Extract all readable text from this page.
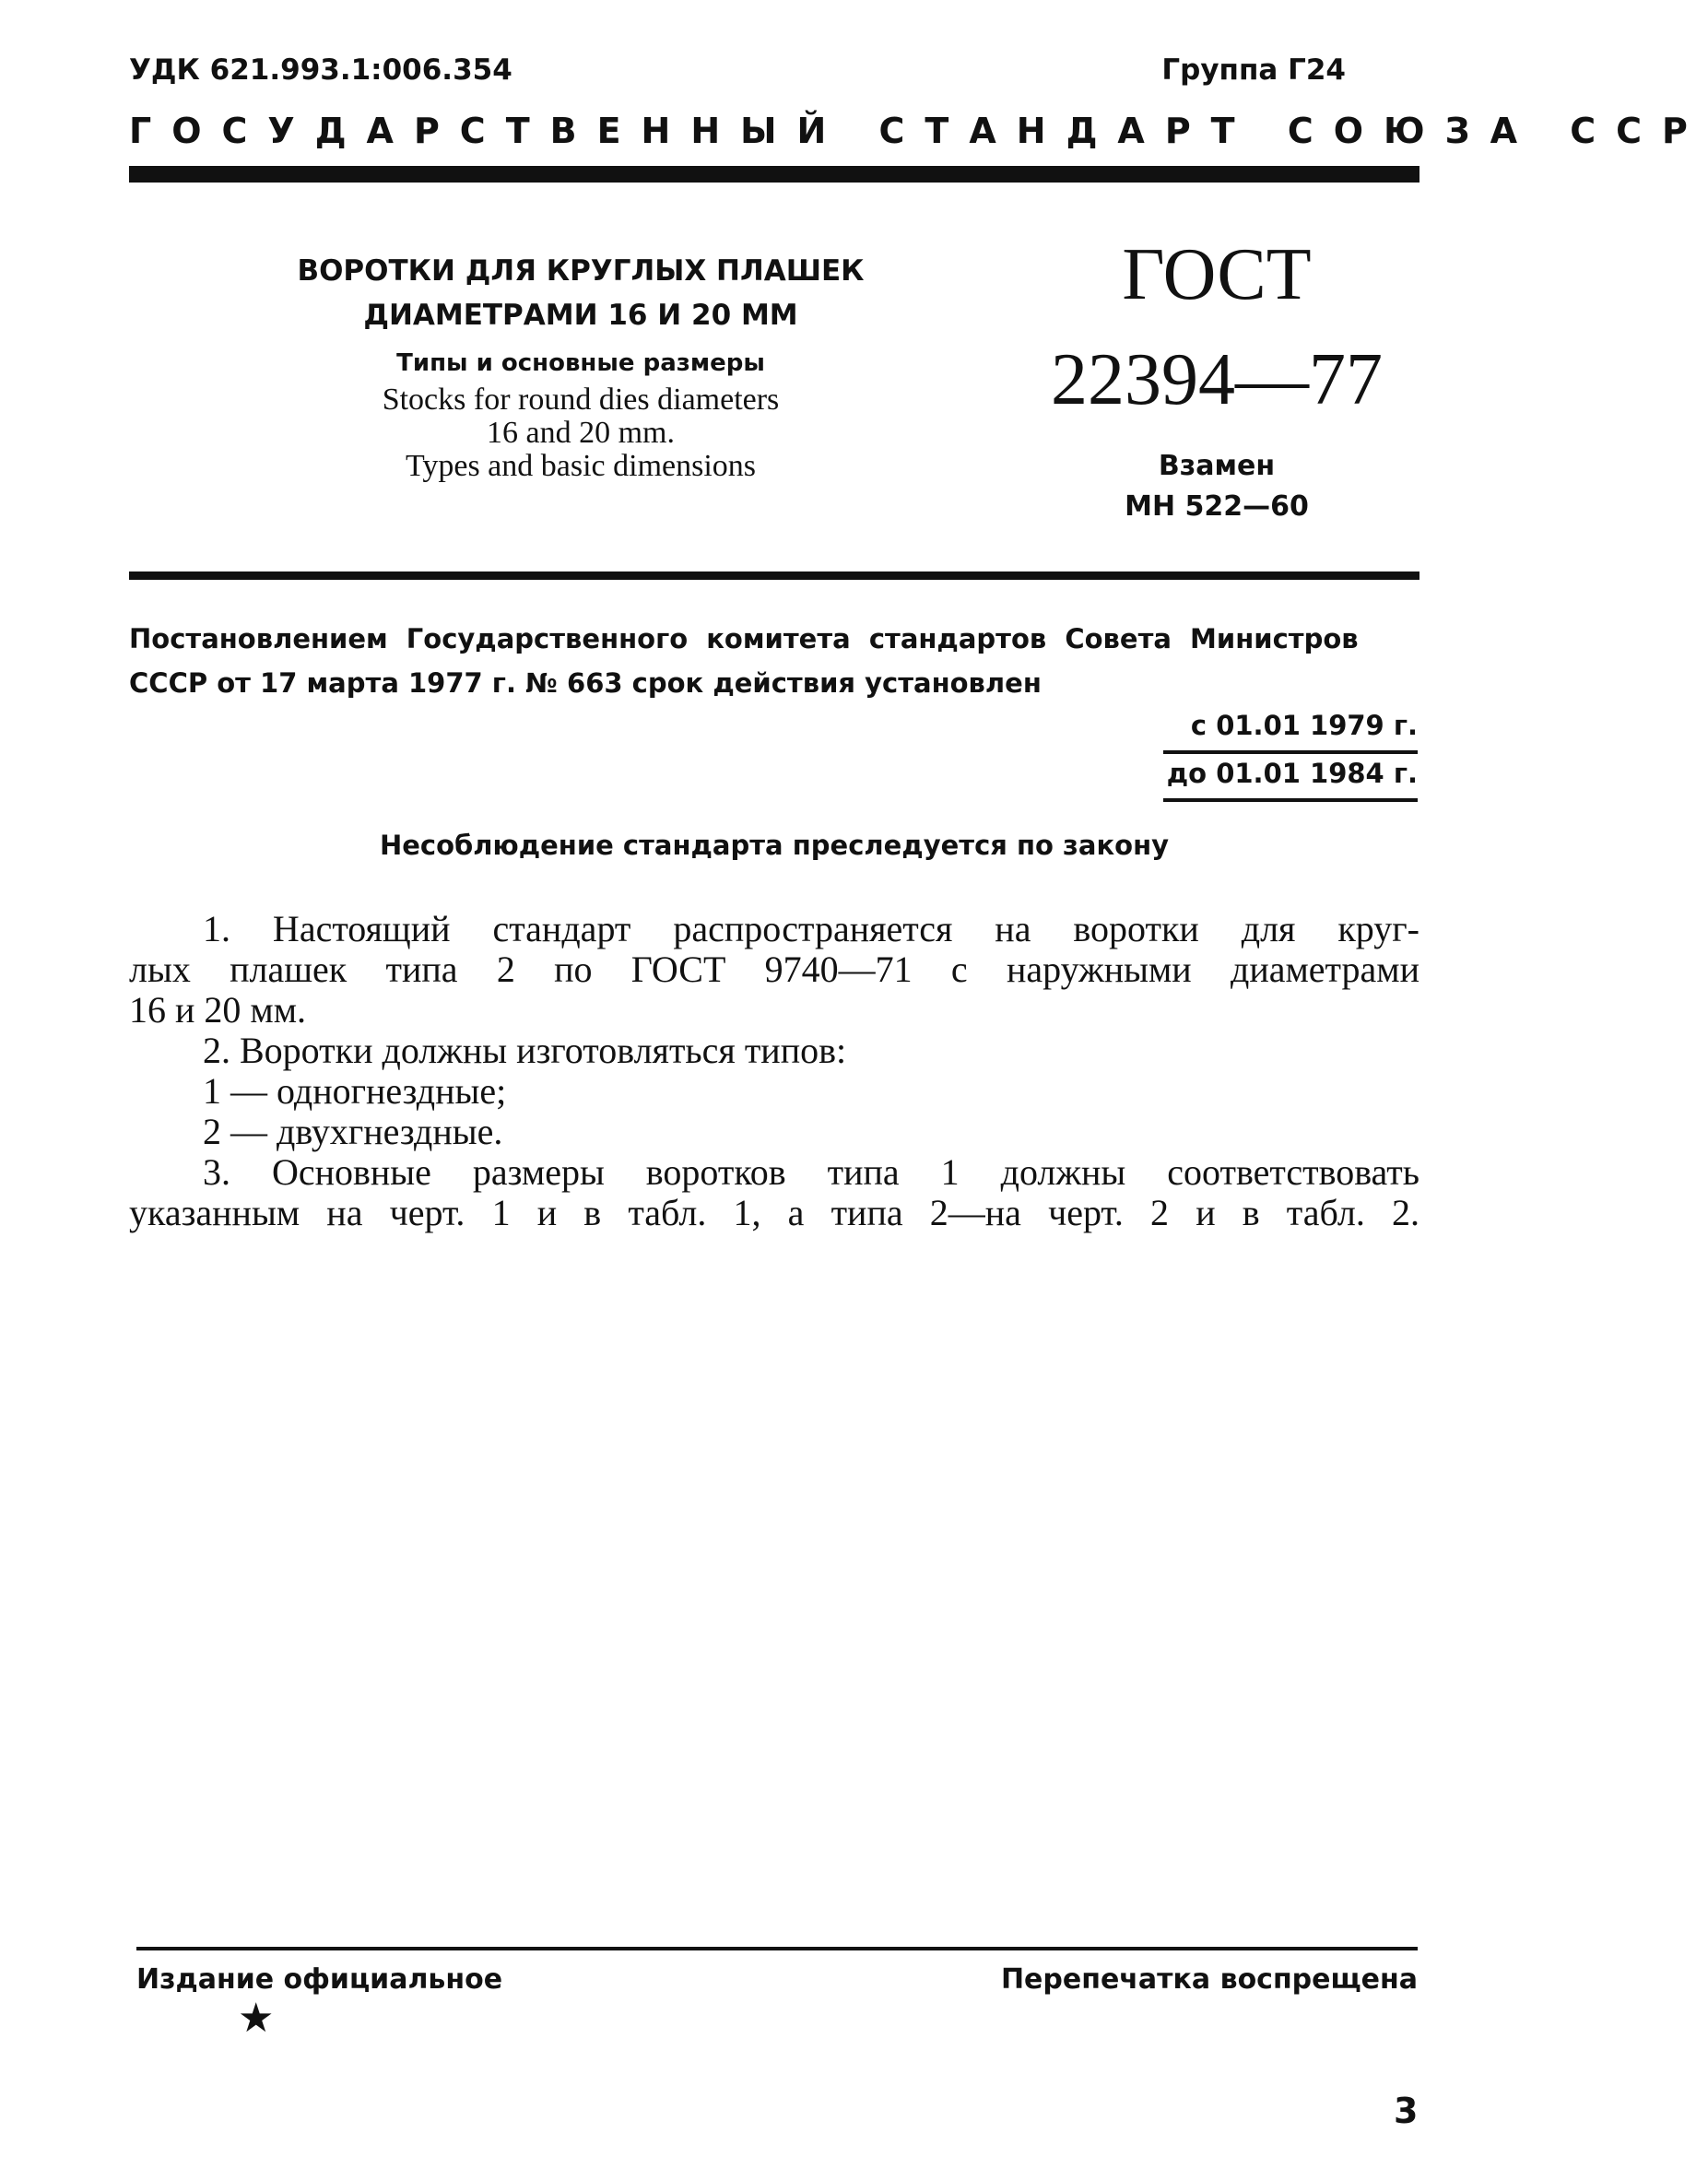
УДК 621.993.1:006.354	Группа Г24
ГОСУДАРСТВЕННЫЙ СТАНДАРТ СОЮЗА ССР
ВОРОТКИ ДЛЯ КРУГЛЫХ ПЛАШЕК
ДИАМЕТРАМИ 16 И 20 ММ
Типы и основные размеры
Stocks for round dies diameters
16 and 20 mm.
Types and basic dimensions
ГОСТ
22394—77
Взамен
МН 522—60
Постановлением Государственного комитета стандартов Совета Министров
СССР от 17 марта 1977 г. № 663 срок действия установлен
с 01.01 1979 г.
до 01.01 1984 г.
Несоблюдение стандарта преследуется по закону
1. Настоящий стандарт распространяется на воротки для круг-
лых плашек типа 2 по ГОСТ 9740—71 с наружными диаметрами
16 и 20 мм.
2. Воротки должны изготовляться типов:
1 — одногнездные;
2 — двухгнездные.
3. Основные размеры воротков типа 1 должны соответствовать
указанным на черт. 1 и в табл. 1, а типа 2—на черт. 2 и в табл. 2.
Издание официальное	Перепечатка воспрещена
★
3
